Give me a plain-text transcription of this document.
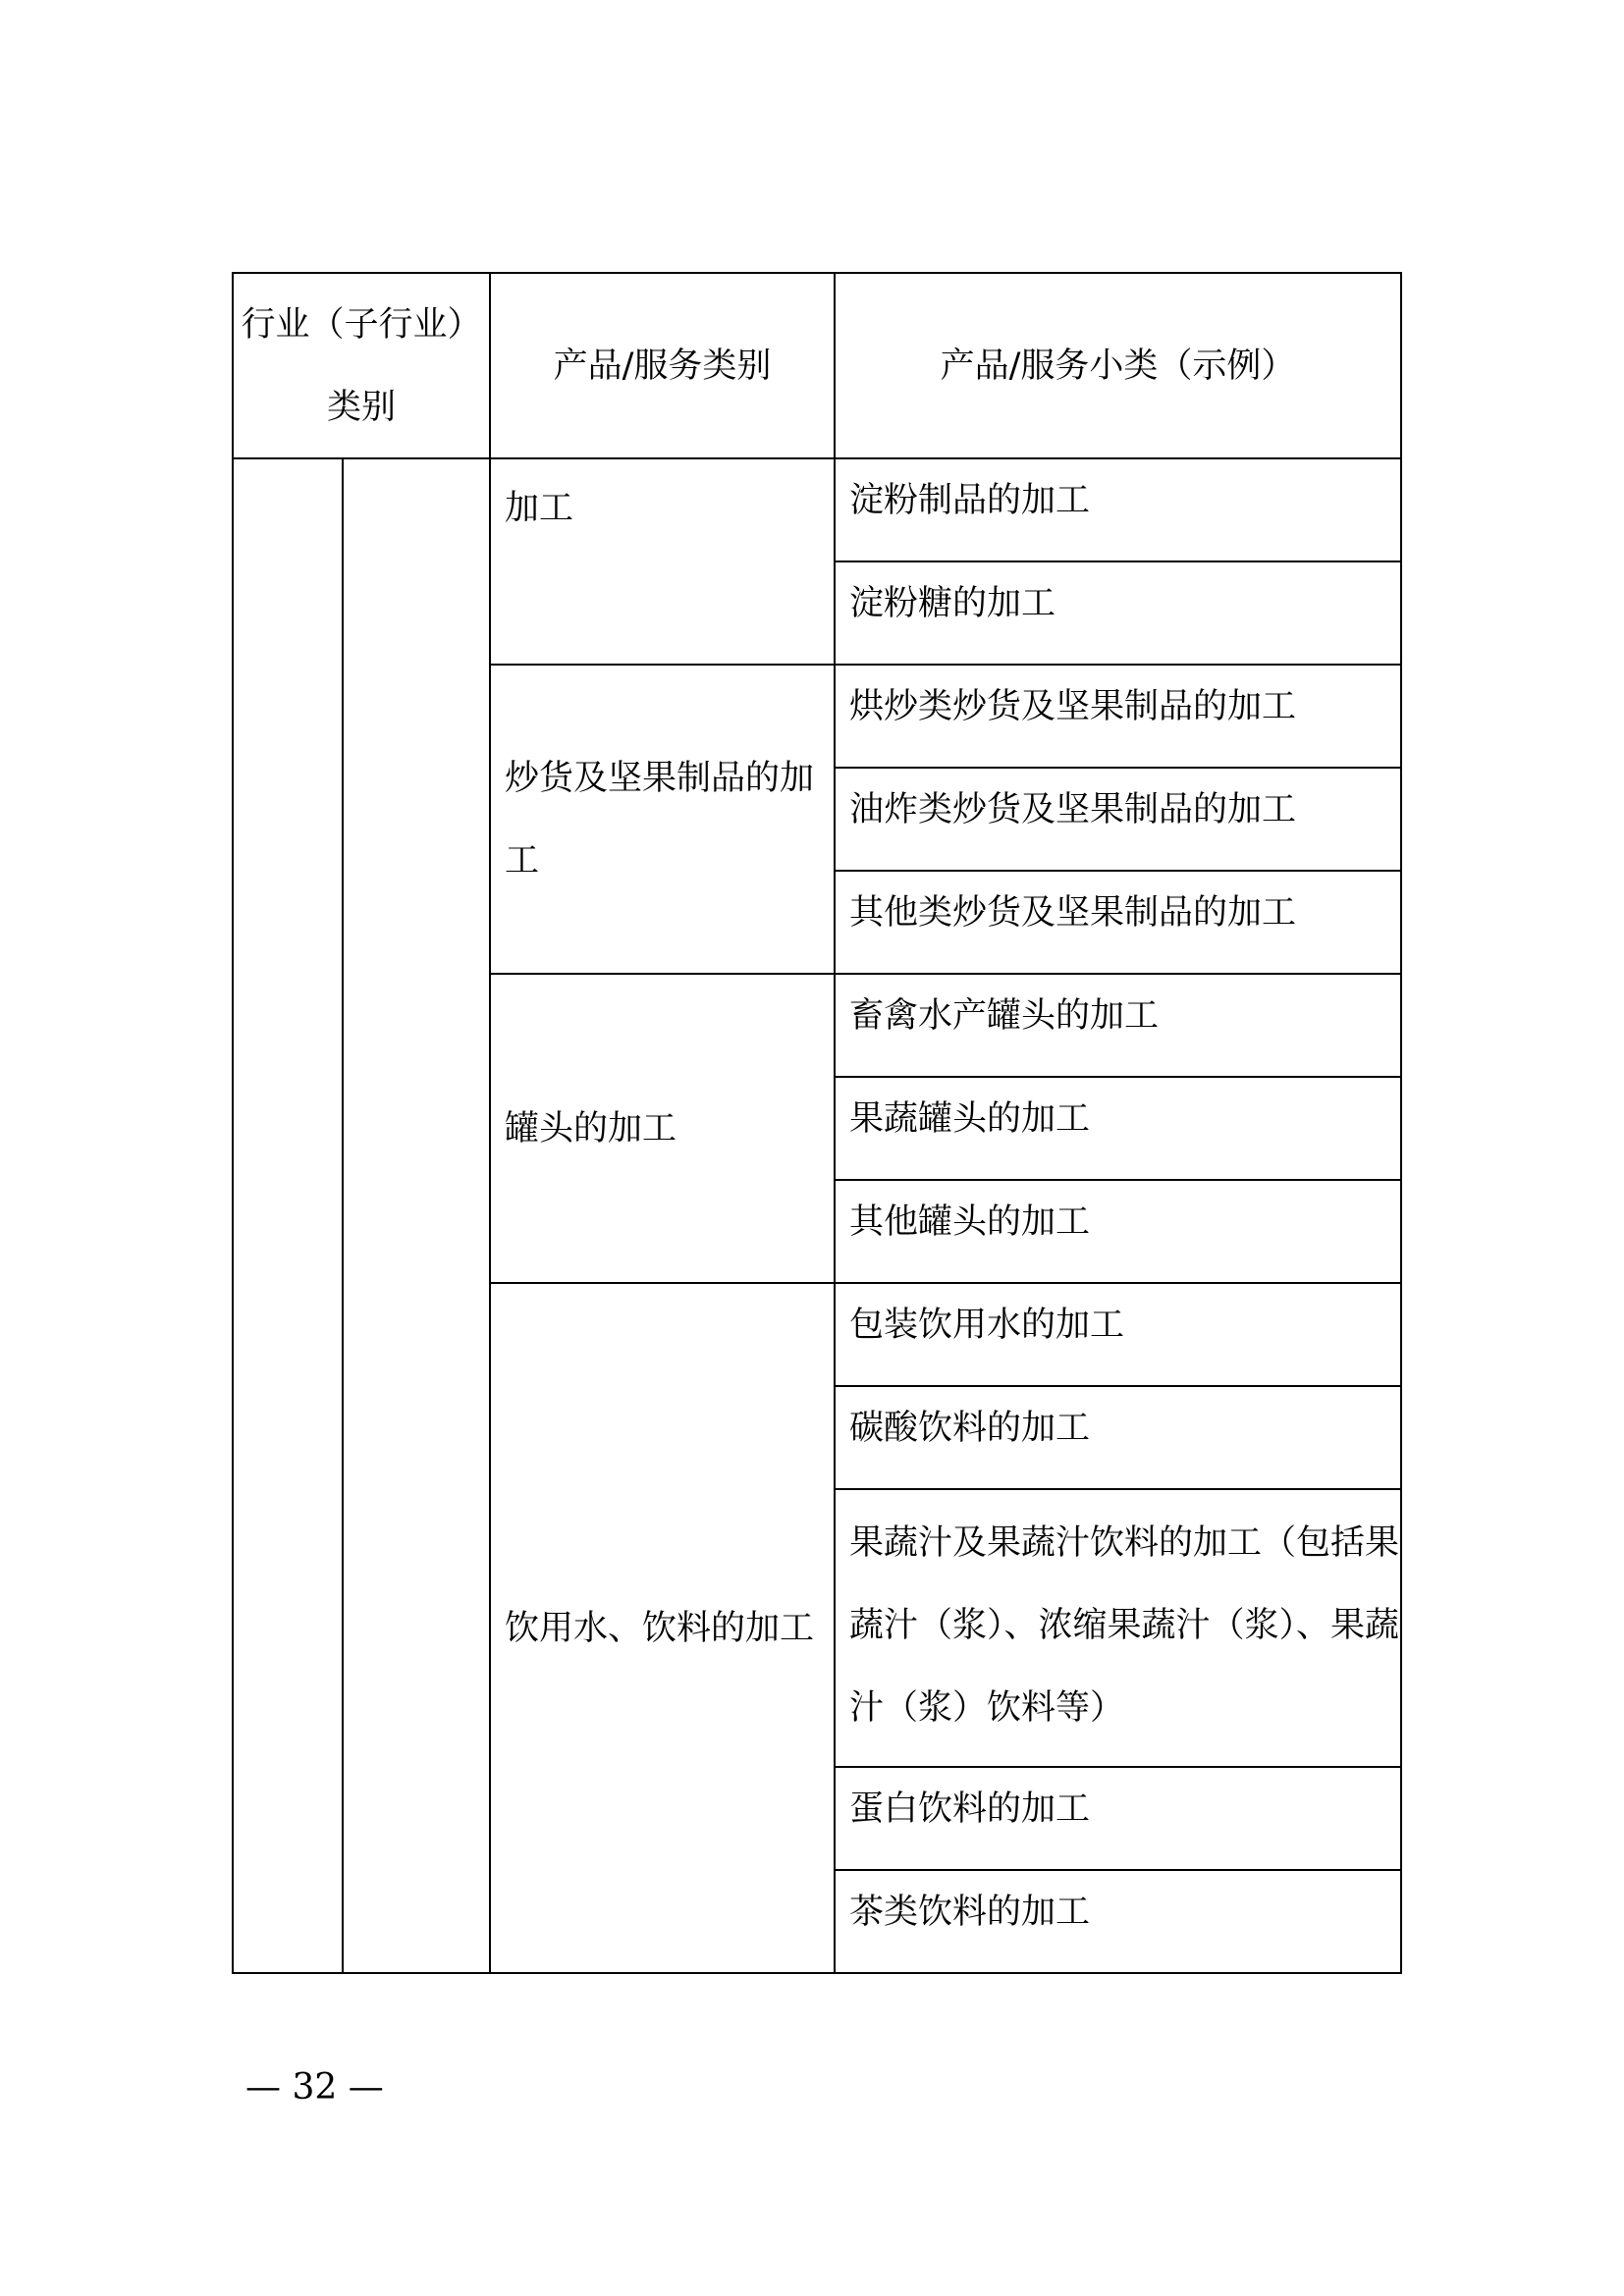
行业（子行业）类别		产品/服务类别	产品/服务小类（示例）
		加工	淀粉制品的加工
			淀粉糖的加工
		炒货及坚果制品的加工	烘炒类炒货及坚果制品的加工
			油炸类炒货及坚果制品的加工
			其他类炒货及坚果制品的加工
		罐头的加工	畜禽水产罐头的加工
			果蔬罐头的加工
			其他罐头的加工
		饮用水、饮料的加工	包装饮用水的加工
			碳酸饮料的加工
			果蔬汁及果蔬汁饮料的加工（包括果蔬汁（浆）、浓缩果蔬汁（浆）、果蔬汁（浆）饮料等）
			蛋白饮料的加工
			茶类饮料的加工
— 32 —
